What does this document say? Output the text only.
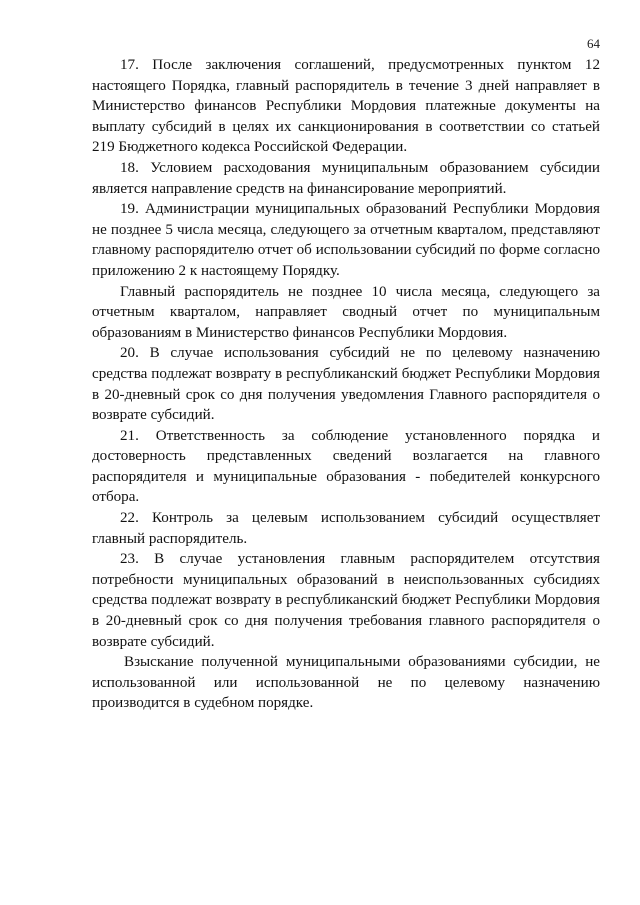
64

17. После заключения соглашений, предусмотренных пунктом 12 настоящего Порядка, главный распорядитель в течение 3 дней направляет в Министерство финансов Республики Мордовия платежные документы на выплату субсидий в целях их санкционирования в соответствии со статьей 219 Бюджетного кодекса Российской Федерации.

18. Условием расходования муниципальным образованием субсидии является направление средств на финансирование мероприятий.

19. Администрации муниципальных образований Республики Мордовия не позднее 5 числа месяца, следующего за отчетным кварталом, представляют главному распорядителю отчет об использовании субсидий по форме согласно приложению 2 к настоящему Порядку.

Главный распорядитель не позднее 10 числа месяца, следующего за отчетным кварталом, направляет сводный отчет по муниципальным образованиям в Министерство финансов Республики Мордовия.

20. В случае использования субсидий не по целевому назначению средства подлежат возврату в республиканский бюджет Республики Мордовия в 20-дневный срок со дня получения уведомления Главного распорядителя о возврате субсидий.

21. Ответственность за соблюдение установленного порядка и достоверность представленных сведений возлагается на главного распорядителя и муниципальные образования - победителей конкурсного отбора.

22. Контроль за целевым использованием субсидий осуществляет главный распорядитель.

23. В случае установления главным распорядителем отсутствия потребности муниципальных образований в неиспользованных субсидиях средства подлежат возврату в республиканский бюджет Республики Мордовия в 20-дневный срок со дня получения требования главного распорядителя о возврате субсидий.

Взыскание полученной муниципальными образованиями субсидии, не использованной или использованной не по целевому назначению производится в судебном порядке.
